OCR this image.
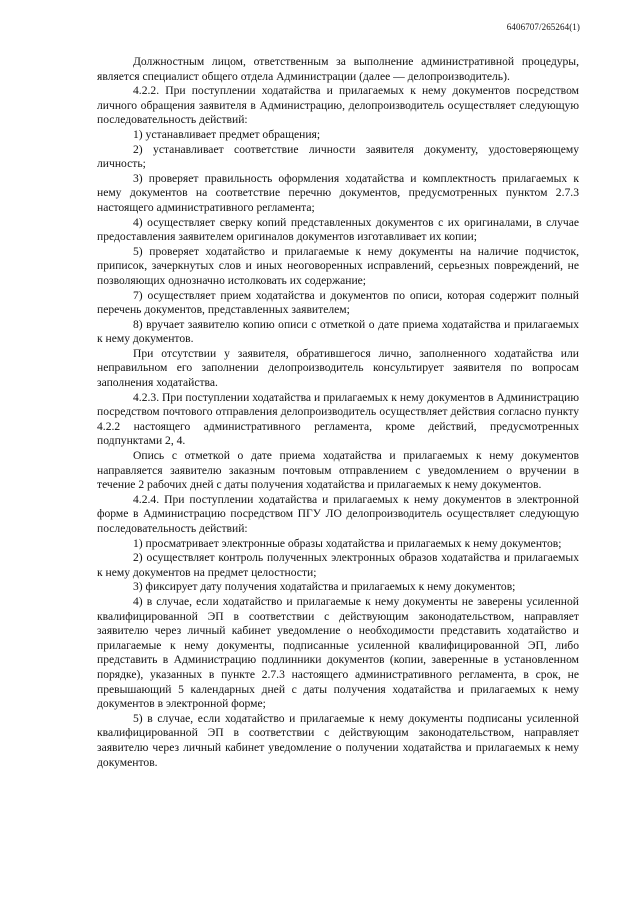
6406707/265264(1)

Должностным лицом, ответственным за выполнение административной процедуры, является специалист общего отдела Администрации (далее — делопроизводитель).

4.2.2. При поступлении ходатайства и прилагаемых к нему документов посредством личного обращения заявителя в Администрацию, делопроизводитель осуществляет следующую последовательность действий:

1) устанавливает предмет обращения;

2) устанавливает соответствие личности заявителя документу, удостоверяющему личность;

3) проверяет правильность оформления ходатайства и комплектность прилагаемых к нему документов на соответствие перечню документов, предусмотренных пунктом 2.7.3 настоящего административного регламента;

4) осуществляет сверку копий представленных документов с их оригиналами, в случае предоставления заявителем оригиналов документов изготавливает их копии;

5) проверяет ходатайство и прилагаемые к нему документы на наличие подчисток, приписок, зачеркнутых слов и иных неоговоренных исправлений, серьезных повреждений, не позволяющих однозначно истолковать их содержание;

7) осуществляет прием ходатайства и документов по описи, которая содержит полный перечень документов, представленных заявителем;

8) вручает заявителю копию описи с отметкой о дате приема ходатайства и прилагаемых к нему документов.

При отсутствии у заявителя, обратившегося лично, заполненного ходатайства или неправильном его заполнении делопроизводитель консультирует заявителя по вопросам заполнения ходатайства.

4.2.3. При поступлении ходатайства и прилагаемых к нему документов в Администрацию посредством почтового отправления делопроизводитель осуществляет действия согласно пункту 4.2.2 настоящего административного регламента, кроме действий, предусмотренных подпунктами 2, 4.

Опись с отметкой о дате приема ходатайства и прилагаемых к нему документов направляется заявителю заказным почтовым отправлением с уведомлением о вручении в течение 2 рабочих дней с даты получения ходатайства и прилагаемых к нему документов.

4.2.4. При поступлении ходатайства и прилагаемых к нему документов в электронной форме в Администрацию посредством ПГУ ЛО делопроизводитель осуществляет следующую последовательность действий:

1) просматривает электронные образы ходатайства и прилагаемых к нему документов;

2) осуществляет контроль полученных электронных образов ходатайства и прилагаемых к нему документов на предмет целостности;

3) фиксирует дату получения ходатайства и прилагаемых к нему документов;

4) в случае, если ходатайство и прилагаемые к нему документы не заверены усиленной квалифицированной ЭП в соответствии с действующим законодательством, направляет заявителю через личный кабинет уведомление о необходимости представить ходатайство и прилагаемые к нему документы, подписанные усиленной квалифицированной ЭП, либо представить в Администрацию подлинники документов (копии, заверенные в установленном порядке), указанных в пункте 2.7.3 настоящего административного регламента, в срок, не превышающий 5 календарных дней с даты получения ходатайства и прилагаемых к нему документов в электронной форме;

5) в случае, если ходатайство и прилагаемые к нему документы подписаны усиленной квалифицированной ЭП в соответствии с действующим законодательством, направляет заявителю через личный кабинет уведомление о получении ходатайства и прилагаемых к нему документов.
